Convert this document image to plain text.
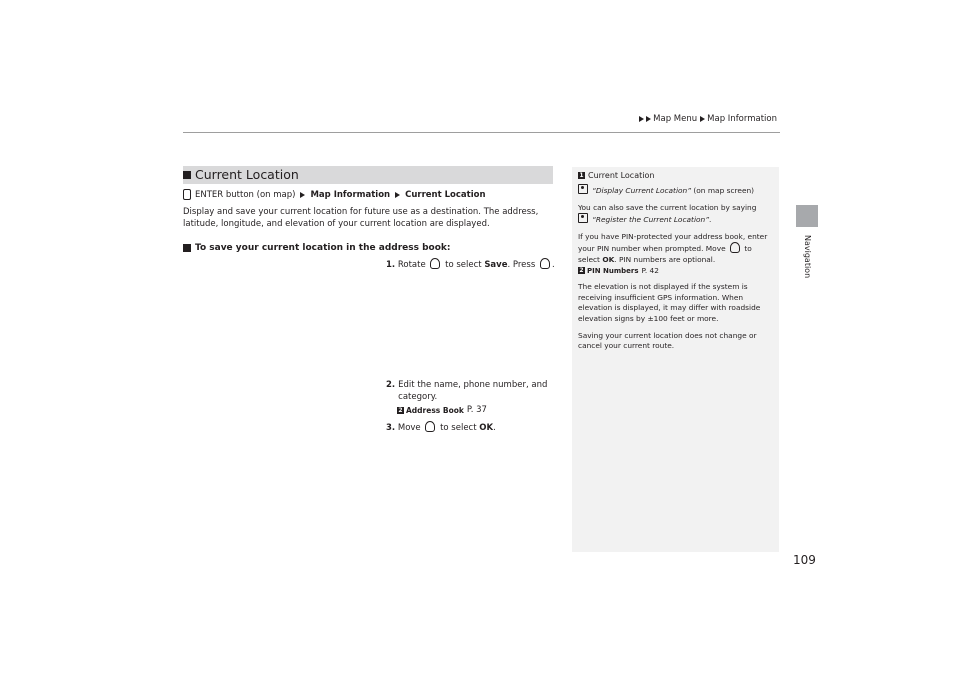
Map Menu Map Information
Navigation
109
Current Location
ENTER button (on map) Map Information Current Location
Display and save your current location for future use as a destination. The address, latitude, longitude, and elevation of your current location are displayed.
To save your current location in the address book:
1. Rotate to select Save. Press .
2. Edit the name, phone number, and category.
2 Address Book P. 37
3. Move to select OK.
1 Current Location

“Display Current Location” (on map screen)

You can also save the current location by saying
“Register the Current Location”.

If you have PIN-protected your address book, enter your PIN number when prompted. Move	to select OK. PIN numbers are optional.

2 PIN Numbers P. 42

The elevation is not displayed if the system is receiving insufficient GPS information. When elevation is displayed, it may differ with roadside elevation signs by ±100 feet or more.

Saving your current location does not change or cancel your current route.
